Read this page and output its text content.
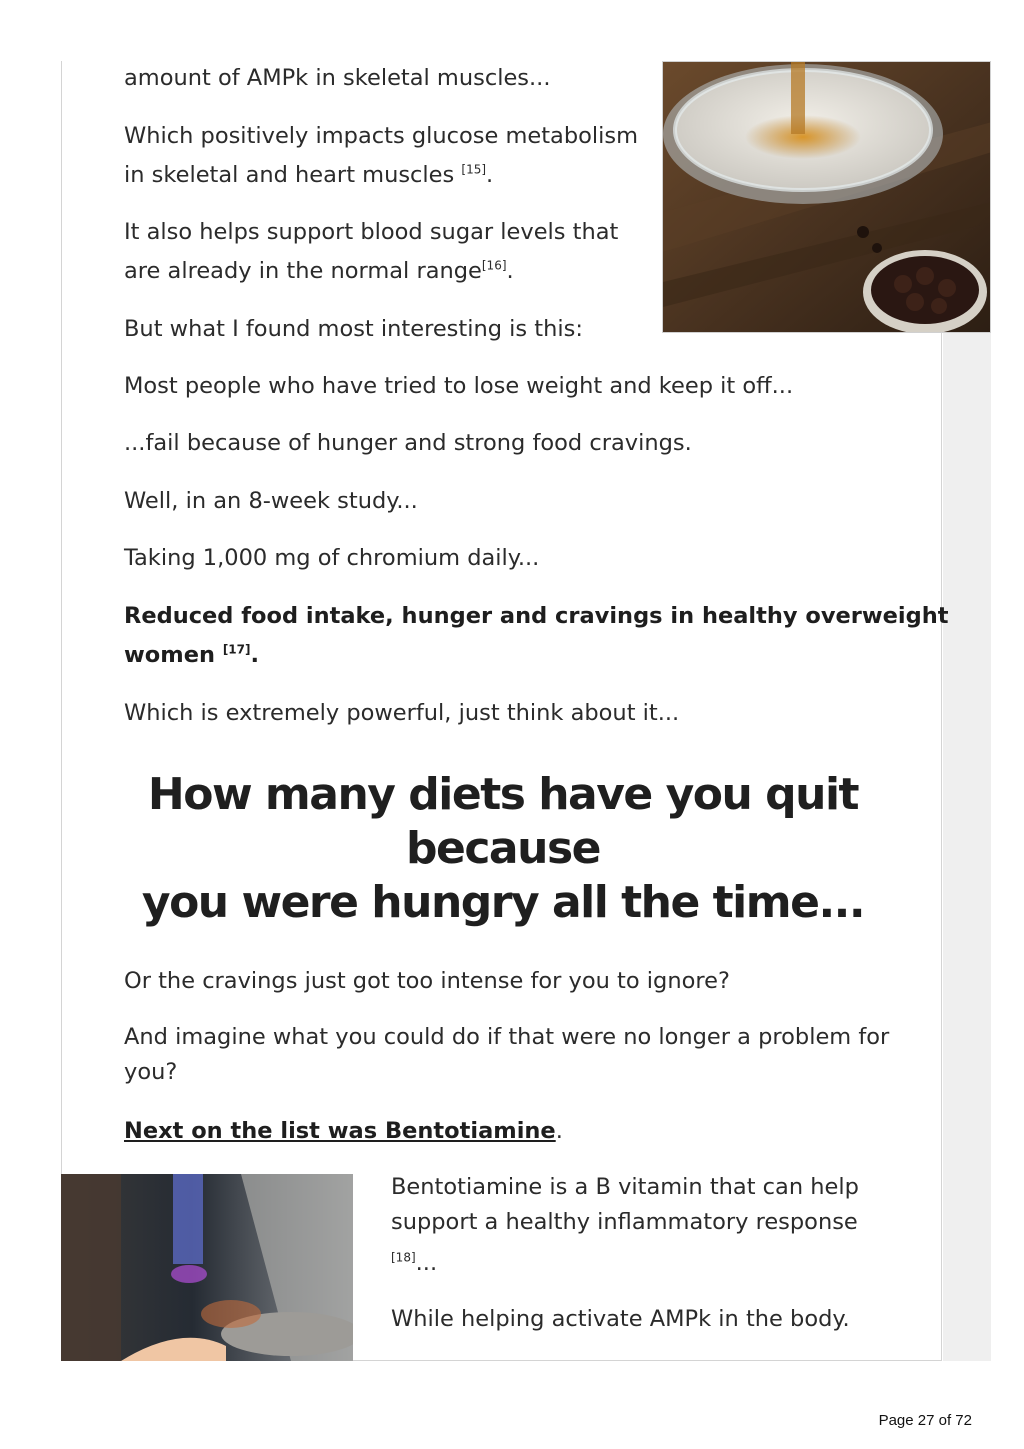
amount of AMPk in skeletal muscles...

Which positively impacts glucose metabolism

in skeletal and heart muscles [15].

It also helps support blood sugar levels that

are already in the normal range[16].

But what I found most interesting is this:

Most people who have tried to lose weight and keep it off...

...fail because of hunger and strong food cravings.

Well, in an 8-week study...

Taking 1,000 mg of chromium daily...

Reduced food intake, hunger and cravings in healthy overweight

women [17].

Which is extremely powerful, just think about it...

How many diets have you quit
because
you were hungry all the time...

Or the cravings just got too intense for you to ignore?

And imagine what you could do if that were no longer a problem for

you?

Next on the list was Bentotiamine.

Bentotiamine is a B vitamin that can help

support a healthy inflammatory response

[18]...

While helping activate AMPk in the body.

Page 27 of 72
